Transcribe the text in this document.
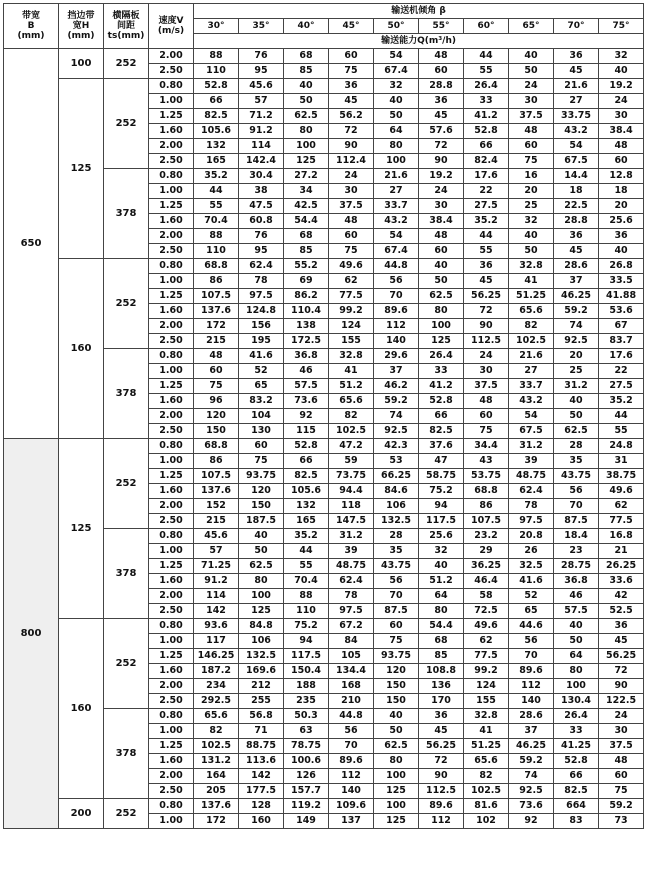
带宽
B
(mm)	挡边带
宽H
(mm)	横隔板
间距
ts(mm)	速度V
(m/s)	输送机倾角 β									
				30°	35°	40°	45°	50°	55°	60°	65°	70°	75°
				输送能力Q(m³/h)									
650	100	252	2.00	88	76	68	60	54	48	44	40	36	32
			2.50	110	95	85	75	67.4	60	55	50	45	40
	125	252	0.80	52.8	45.6	40	36	32	28.8	26.4	24	21.6	19.2
			1.00	66	57	50	45	40	36	33	30	27	24
			1.25	82.5	71.2	62.5	56.2	50	45	41.2	37.5	33.75	30
			1.60	105.6	91.2	80	72	64	57.6	52.8	48	43.2	38.4
			2.00	132	114	100	90	80	72	66	60	54	48
			2.50	165	142.4	125	112.4	100	90	82.4	75	67.5	60
		378	0.80	35.2	30.4	27.2	24	21.6	19.2	17.6	16	14.4	12.8
			1.00	44	38	34	30	27	24	22	20	18	18
			1.25	55	47.5	42.5	37.5	33.7	30	27.5	25	22.5	20
			1.60	70.4	60.8	54.4	48	43.2	38.4	35.2	32	28.8	25.6
			2.00	88	76	68	60	54	48	44	40	36	36
			2.50	110	95	85	75	67.4	60	55	50	45	40
	160	252	0.80	68.8	62.4	55.2	49.6	44.8	40	36	32.8	28.6	26.8
			1.00	86	78	69	62	56	50	45	41	37	33.5
			1.25	107.5	97.5	86.2	77.5	70	62.5	56.25	51.25	46.25	41.88
			1.60	137.6	124.8	110.4	99.2	89.6	80	72	65.6	59.2	53.6
			2.00	172	156	138	124	112	100	90	82	74	67
			2.50	215	195	172.5	155	140	125	112.5	102.5	92.5	83.7
		378	0.80	48	41.6	36.8	32.8	29.6	26.4	24	21.6	20	17.6
			1.00	60	52	46	41	37	33	30	27	25	22
			1.25	75	65	57.5	51.2	46.2	41.2	37.5	33.7	31.2	27.5
			1.60	96	83.2	73.6	65.6	59.2	52.8	48	43.2	40	35.2
			2.00	120	104	92	82	74	66	60	54	50	44
			2.50	150	130	115	102.5	92.5	82.5	75	67.5	62.5	55
800	125	252	0.80	68.8	60	52.8	47.2	42.3	37.6	34.4	31.2	28	24.8
			1.00	86	75	66	59	53	47	43	39	35	31
			1.25	107.5	93.75	82.5	73.75	66.25	58.75	53.75	48.75	43.75	38.75
			1.60	137.6	120	105.6	94.4	84.6	75.2	68.8	62.4	56	49.6
			2.00	152	150	132	118	106	94	86	78	70	62
			2.50	215	187.5	165	147.5	132.5	117.5	107.5	97.5	87.5	77.5
		378	0.80	45.6	40	35.2	31.2	28	25.6	23.2	20.8	18.4	16.8
			1.00	57	50	44	39	35	32	29	26	23	21
			1.25	71.25	62.5	55	48.75	43.75	40	36.25	32.5	28.75	26.25
			1.60	91.2	80	70.4	62.4	56	51.2	46.4	41.6	36.8	33.6
			2.00	114	100	88	78	70	64	58	52	46	42
			2.50	142	125	110	97.5	87.5	80	72.5	65	57.5	52.5
	160	252	0.80	93.6	84.8	75.2	67.2	60	54.4	49.6	44.6	40	36
			1.00	117	106	94	84	75	68	62	56	50	45
			1.25	146.25	132.5	117.5	105	93.75	85	77.5	70	64	56.25
			1.60	187.2	169.6	150.4	134.4	120	108.8	99.2	89.6	80	72
			2.00	234	212	188	168	150	136	124	112	100	90
			2.50	292.5	255	235	210	150	170	155	140	130.4	122.5
		378	0.80	65.6	56.8	50.3	44.8	40	36	32.8	28.6	26.4	24
			1.00	82	71	63	56	50	45	41	37	33	30
			1.25	102.5	88.75	78.75	70	62.5	56.25	51.25	46.25	41.25	37.5
			1.60	131.2	113.6	100.6	89.6	80	72	65.6	59.2	52.8	48
			2.00	164	142	126	112	100	90	82	74	66	60
			2.50	205	177.5	157.7	140	125	112.5	102.5	92.5	82.5	75
	200	252	0.80	137.6	128	119.2	109.6	100	89.6	81.6	73.6	664	59.2
			1.00	172	160	149	137	125	112	102	92	83	73
